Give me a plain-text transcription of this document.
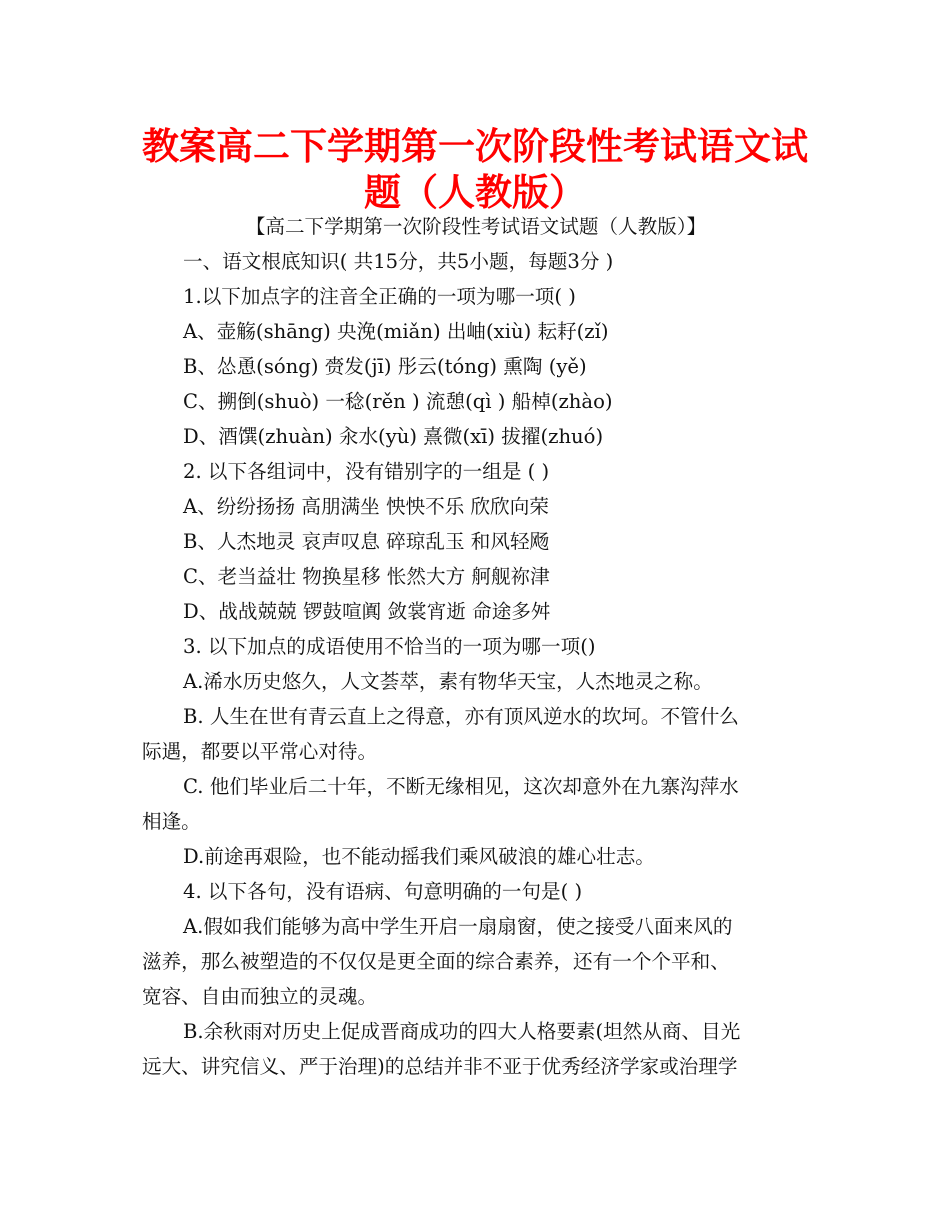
教案高二下学期第一次阶段性考试语文试
题（人教版）
【高二下学期第一次阶段性考试语文试题（人教版）】
一、语文根底知识( 共15分，共5小题，每题3分 )
1.以下加点字的注音全正确的一项为哪一项( )
A、壶觞(shāng) 央浼(miǎn) 出岫(xiù) 耘耔(zǐ)
B、怂恿(sóng) 赍发(jī) 彤云(tóng) 熏陶 (yě)
C、搠倒(shuò) 一稔(rěn ) 流憩(qì ) 船棹(zhào)
D、酒馔(zhuàn) 汆水(yù) 熹微(xī) 拔擢(zhuó)
2. 以下各组词中，没有错别字的一组是 ( )
A、纷纷扬扬 高朋满坐 怏怏不乐 欣欣向荣
B、人杰地灵 哀声叹息 碎琼乱玉 和风轻飏
C、老当益壮 物换星移 怅然大方 舸舰祢津
D、战战兢兢 锣鼓喧阗 敛裳宵逝 命途多舛
3. 以下加点的成语使用不恰当的一项为哪一项()
A.浠水历史悠久，人文荟萃，素有物华天宝，人杰地灵之称。
B. 人生在世有青云直上之得意，亦有顶风逆水的坎坷。不管什么
际遇，都要以平常心对待。
C. 他们毕业后二十年，不断无缘相见，这次却意外在九寨沟萍水
相逢。
D.前途再艰险，也不能动摇我们乘风破浪的雄心壮志。
4. 以下各句，没有语病、句意明确的一句是( )
A.假如我们能够为高中学生开启一扇扇窗，使之接受八面来风的
滋养，那么被塑造的不仅仅是更全面的综合素养，还有一个个平和、
宽容、自由而独立的灵魂。
B.余秋雨对历史上促成晋商成功的四大人格要素(坦然从商、目光
远大、讲究信义、严于治理)的总结并非不亚于优秀经济学家或治理学
